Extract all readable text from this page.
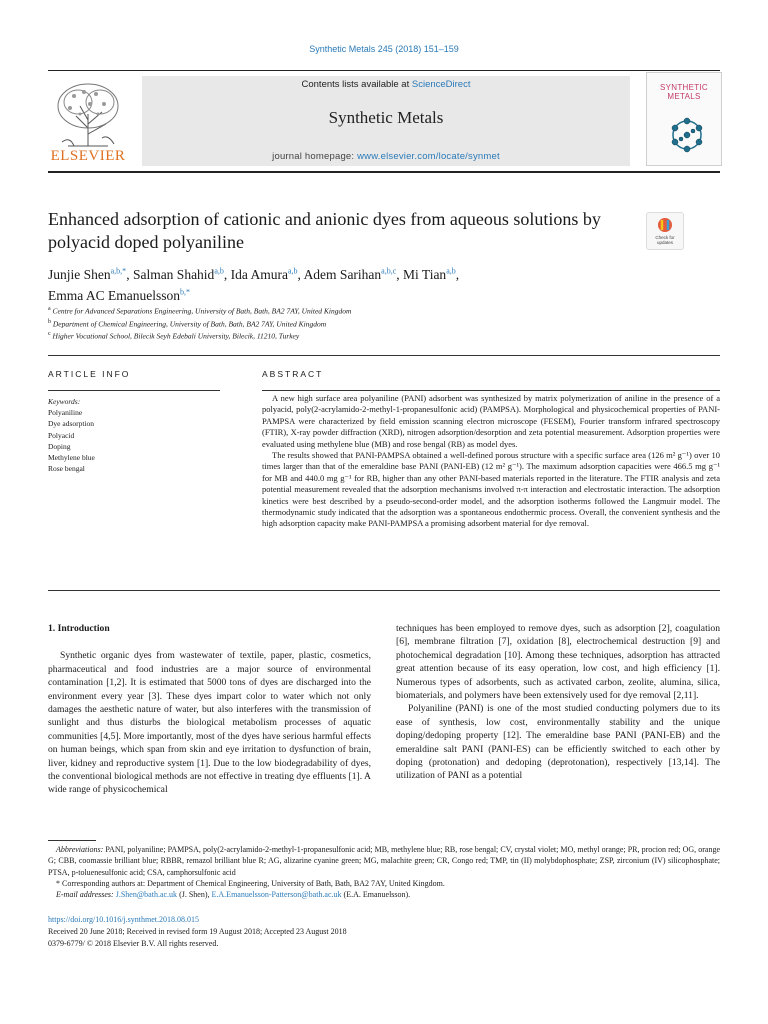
Synthetic Metals 245 (2018) 151–159
ELSEVIER
Contents lists available at ScienceDirect
Synthetic Metals
journal homepage: www.elsevier.com/locate/synmet
SYNTHETIC
METALS
Enhanced adsorption of cationic and anionic dyes from aqueous solutions by polyacid doped polyaniline	Check for updates
Junjie Shen$^{a,b,*}$, Salman Shahid$^{a,b}$, Ida Amura$^{a,b}$, Adem Sarihan$^{a,b,c}$, Mi Tian$^{a,b}$,
Emma AC Emanuelsson$^{b,*}$
$^a$ Centre for Advanced Separations Engineering, University of Bath, Bath, BA2 7AY, United Kingdom
$^b$ Department of Chemical Engineering, University of Bath, Bath, BA2 7AY, United Kingdom
$^c$ Higher Vocational School, Bilecik Seyh Edebali University, Bilecik, 11210, Turkey
ARTICLE INFO	ABSTRACT
Keywords:
Polyaniline
Dye adsorption
Polyacid
Doping
Methylene blue
Rose bengal

A new high surface area polyaniline (PANI) adsorbent was synthesized by matrix polymerization of aniline in the presence of a polyacid, poly(2-acrylamido-2-methyl-1-propanesulfonic acid) (PAMPSA). Morphological and physicochemical properties of PANI-PAMPSA were characterized by field emission scanning electron microscope (FESEM), Fourier transform infrared spectroscopy (FTIR), X-ray powder diffraction (XRD), nitrogen adsorption/desorption and zeta potential measurement. Adsorption properties were evaluated using methylene blue (MB) and rose bengal (RB) as model dyes.

The results showed that PANI-PAMPSA obtained a well-defined porous structure with a specific surface area (126 m² g⁻¹) over 10 times larger than that of the emeraldine base PANI (PANI-EB) (12 m² g⁻¹). The maximum adsorption capacities were 466.5 mg g⁻¹ for MB and 440.0 mg g⁻¹ for RB, higher than any other PANI-based materials reported in the literature. The FTIR analysis and zeta potential measurement revealed that the adsorption mechanisms involved π-π interaction and electrostatic interaction. The adsorption kinetics were best described by a pseudo-second-order model, and the adsorption isotherms followed the Langmuir model. The thermodynamic study indicated that the adsorption was a spontaneous endothermic process. Overall, the convenient synthesis and the high adsorption capacity make PANI-PAMPSA a promising adsorbent material for dye removal.

1. Introduction

Synthetic organic dyes from wastewater of textile, paper, plastic, cosmetics, pharmaceutical and food industries are a major source of environmental contamination [1,2]. It is estimated that 5000 tons of dyes are discharged into the environment every year [3]. These dyes impart color to water which not only damages the aesthetic nature of water, but also interferes with the transmission of sunlight and thus disturbs the biological metabolism processes of aquatic communities [4,5]. More importantly, most of the dyes have serious harmful effects on human beings, which span from skin and eye irritation to dysfunction of brain, liver, kidney and reproductive system [1]. Due to the low biodegradability of dyes, the conventional biological methods are not effective in treating dye effluents [1]. A wide range of physicochemical

techniques has been employed to remove dyes, such as adsorption [2], coagulation [6], membrane filtration [7], oxidation [8], electrochemical destruction [9] and photochemical degradation [10]. Among these techniques, adsorption has attracted great attention because of its easy operation, low cost, and high efficiency [1]. Numerous types of adsorbents, such as activated carbon, zeolite, alumina, silica, biomaterials, and polymers have been extensively used for dye removal [2,11].

Polyaniline (PANI) is one of the most studied conducting polymers due to its ease of synthesis, low cost, environmentally stability and the unique doping/dedoping property [12]. The emeraldine base PANI (PANI-EB) and the emeraldine salt PANI (PANI-ES) can be efficiently switched to each other by doping (protonation) and dedoping (deprotonation), respectively [13,14]. The utilization of PANI as a potential

Abbreviations: PANI, polyaniline; PAMPSA, poly(2-acrylamido-2-methyl-1-propanesulfonic acid; MB, methylene blue; RB, rose bengal; CV, crystal violet; MO, methyl orange; PR, procion red; OG, orange G; CBB, coomassie brilliant blue; RBBR, remazol brilliant blue R; AG, alizarine cyanine green; MG, malachite green; CR, Congo red; TMP, tin (II) molybdophosphate; ZSP, zirconium (IV) silicophosphate; PTSA, p-toluenesulfonic acid; CSA, camphorsulfonic acid

* Corresponding authors at: Department of Chemical Engineering, University of Bath, Bath, BA2 7AY, United Kingdom.

E-mail addresses: J.Shen@bath.ac.uk (J. Shen), E.A.Emanuelsson-Patterson@bath.ac.uk (E.A. Emanuelsson).

https://doi.org/10.1016/j.synthmet.2018.08.015
Received 20 June 2018; Received in revised form 19 August 2018; Accepted 23 August 2018
0379-6779/ © 2018 Elsevier B.V. All rights reserved.
